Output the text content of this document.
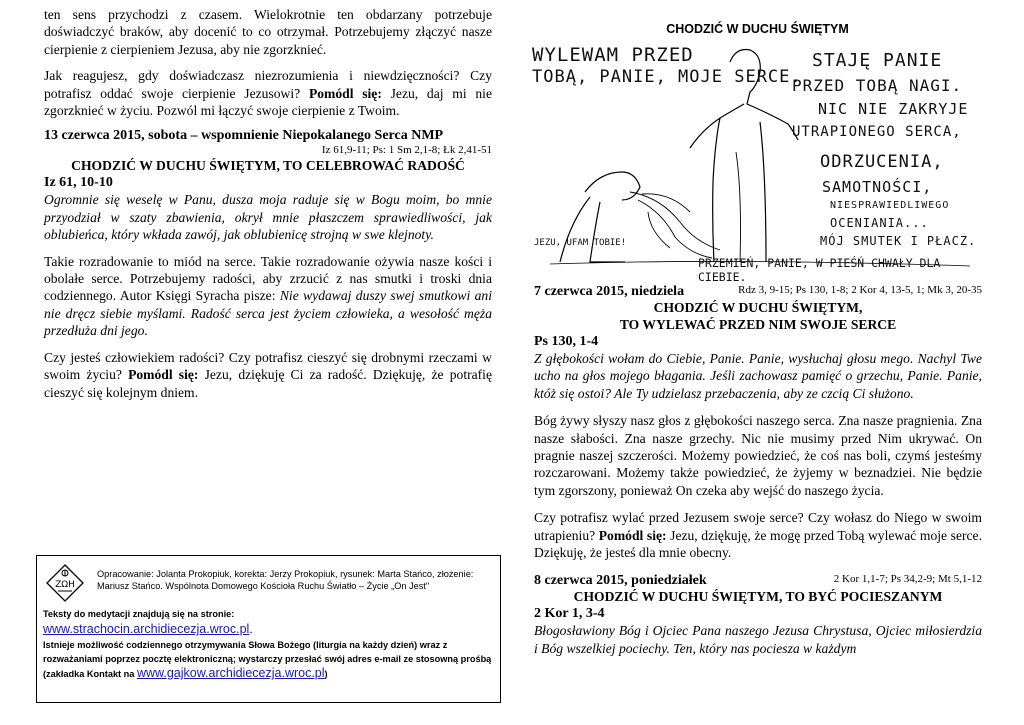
ten sens przychodzi z czasem. Wielokrotnie ten obdarzany potrzebuje doświadczyć braków, aby docenić to co otrzymał. Potrzebujemy złączyć nasze cierpienie z cierpieniem Jezusa, aby nie zgorzknieć.

Jak reagujesz, gdy doświadczasz niezrozumienia i niewdzięczności? Czy potrafisz oddać swoje cierpienie Jezusowi? Pomódl się: Jezu, daj mi nie zgorzknieć w życiu. Pozwól mi łączyć swoje cierpienie z Twoim.

13 czerwca 2015, sobota – wspomnienie Niepokalanego Serca NMP
Iz 61,9-11; Ps: 1 Sm 2,1-8; Łk 2,41-51
CHODZIĆ W DUCHU ŚWIĘTYM, TO CELEBROWAĆ RADOŚĆ
Iz 61, 10-10

Ogromnie się weselę w Panu, dusza moja raduje się w Bogu moim, bo mnie przyodział w szaty zbawienia, okrył mnie płaszczem sprawiedliwości, jak oblubieńca, który wkłada zawój, jak oblubienicę strojną w swe klejnoty.

Takie rozradowanie to miód na serce. Takie rozradowanie ożywia nasze kości i obolałe serce. Potrzebujemy radości, aby zrzucić z nas smutki i troski dnia codziennego. Autor Księgi Syracha pisze: Nie wydawaj duszy swej smutkowi ani nie dręcz siebie myślami. Radość serca jest życiem człowieka, a wesołość męża przedłuża dni jego.

Czy jesteś człowiekiem radości? Czy potrafisz cieszyć się drobnymi rzeczami w swoim życiu? Pomódl się: Jezu, dziękuję Ci za radość. Dziękuję, że potrafię cieszyć się kolejnym dniem.

ΖΩΗ
Opracowanie: Jolanta Prokopiuk, korekta: Jerzy Prokopiuk, rysunek: Marta Stańco, złożenie: Mariusz Stańco. Wspólnota Domowego Kościoła Ruchu Światło – Życie „On Jest"
Teksty do medytacji znajdują się na stronie:
www.strachocin.archidiecezja.wroc.pl.
Istnieje możliwość codziennego otrzymywania Słowa Bożego (liturgia na każdy dzień) wraz z rozważaniami poprzez pocztę elektroniczną; wystarczy przesłać swój adres e-mail ze stosowną prośbą (zakładka Kontakt na www.gajkow.archidiecezja.wroc.pl)
CHODZIĆ W DUCHU ŚWIĘTYM
WYLEWAM PRZED
TOBĄ, PANIE, MOJE SERCE.
STAJĘ PANIE
PRZED TOBĄ NAGI.
NIC NIE ZAKRYJE
UTRAPIONEGO SERCA,
ODRZUCENIA,
SAMOTNOŚCI,
NIESPRAWIEDLIWEGO
OCENIANIA...
MÓJ SMUTEK I PŁACZ.
JEZU, UFAM TOBIE!
PRZEMIEŃ, PANIE, W PIEŚŃ CHWAŁY DLA CIEBIE.
7 czerwca 2015, niedziela	Rdz 3, 9-15; Ps 130, 1-8; 2 Kor 4, 13-5, 1; Mk 3, 20-35
CHODZIĆ W DUCHU ŚWIĘTYM,
TO WYLEWAĆ PRZED NIM SWOJE SERCE
Ps 130, 1-4

Z głębokości wołam do Ciebie, Panie. Panie, wysłuchaj głosu mego. Nachyl Twe ucho na głos mojego błagania. Jeśli zachowasz pamięć o grzechu, Panie. Panie, któż się ostoi? Ale Ty udzielasz przebaczenia, aby ze czcią Ci służono.

Bóg żywy słyszy nasz głos z głębokości naszego serca. Zna nasze pragnienia. Zna nasze słabości. Zna nasze grzechy. Nic nie musimy przed Nim ukrywać. On pragnie naszej szczerości. Możemy powiedzieć, że coś nas boli, czymś jesteśmy rozczarowani. Możemy także powiedzieć, że żyjemy w beznadziei. Nie będzie tym zgorszony, ponieważ On czeka aby wejść do naszego życia.

Czy potrafisz wylać przed Jezusem swoje serce? Czy wołasz do Niego w swoim utrapieniu? Pomódl się: Jezu, dziękuję, że mogę przed Tobą wylewać moje serce. Dziękuję, że jesteś dla mnie obecny.

8 czerwca 2015, poniedziałek	2 Kor 1,1-7; Ps 34,2-9; Mt 5,1-12
CHODZIĆ W DUCHU ŚWIĘTYM, TO BYĆ POCIESZANYM
2 Kor 1, 3-4

Błogosławiony Bóg i Ojciec Pana naszego Jezusa Chrystusa, Ojciec miłosierdzia i Bóg wszelkiej pociechy. Ten, który nas pociesza w każdym
